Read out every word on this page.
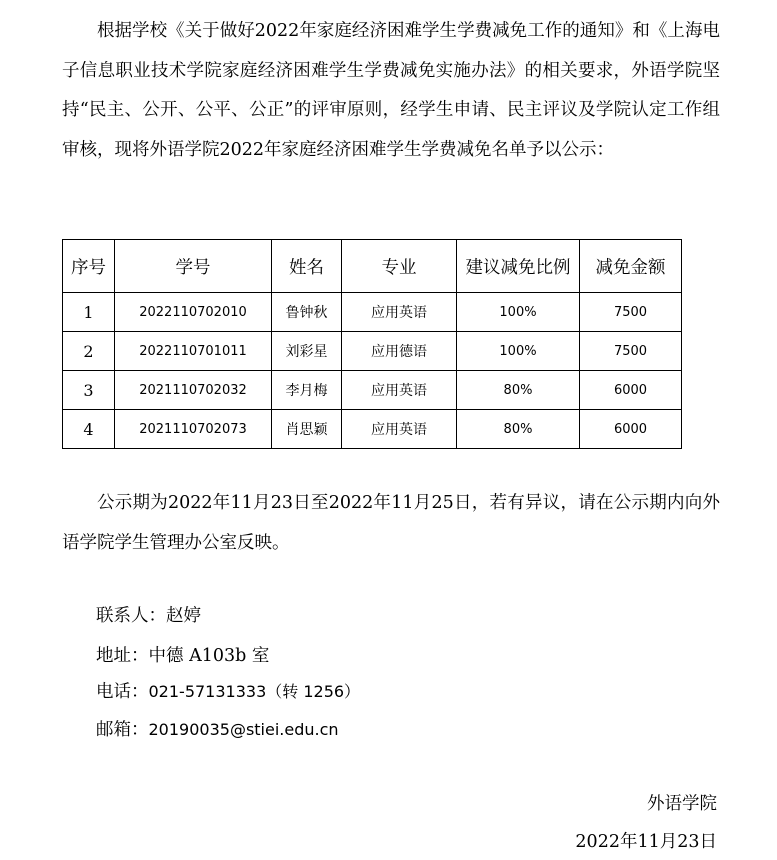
根据学校《关于做好2022年家庭经济困难学生学费减免工作的通知》和《上海电子信息职业技术学院家庭经济困难学生学费减免实施办法》的相关要求，外语学院坚持“民主、公开、公平、公正”的评审原则，经学生申请、民主评议及学院认定工作组审核，现将外语学院2022年家庭经济困难学生学费减免名单予以公示：

序号	学号	姓名	专业	建议减免比例	减免金额
1	2022110702010	鲁钟秋	应用英语	100%	7500
2	2022110701011	刘彩星	应用德语	100%	7500
3	2021110702032	李月梅	应用英语	80%	6000
4	2021110702073	肖思颖	应用英语	80%	6000

公示期为2022年11月23日至2022年11月25日，若有异议，请在公示期内向外语学院学生管理办公室反映。

联系人：赵婷
地址：中德 A103b 室
电话：021-57131333（转 1256）
邮箱：20190035@stiei.edu.cn
外语学院
2022年11月23日
